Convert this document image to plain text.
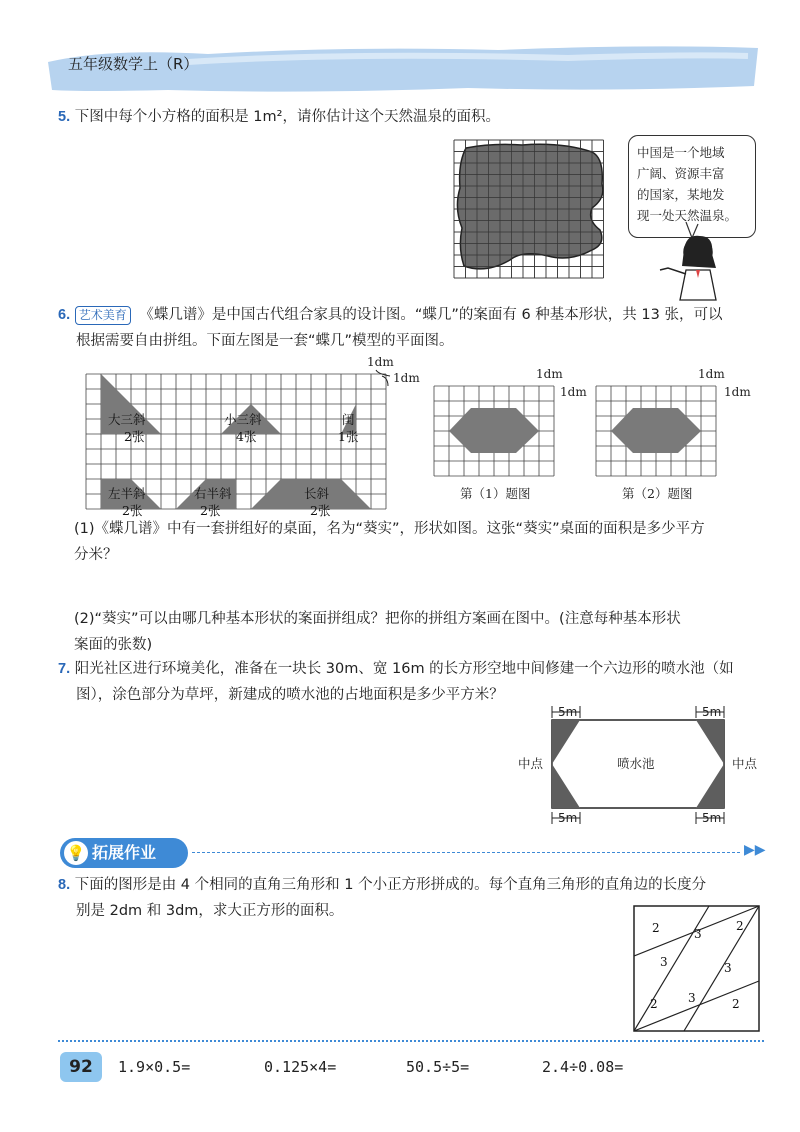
五年级数学上（R）
5. 下图中每个小方格的面积是 1m²，请你估计这个天然温泉的面积。
中国是一个地域
广阔、资源丰富
的国家，某地发
现一处天然温泉。
6. 艺术美育 《蝶几谱》是中国古代组合家具的设计图。“蝶几”的案面有 6 种基本形状，共 13 张，可以
根据需要自由拼组。下面左图是一套“蝶几”模型的平面图。
1dm
1dm
大三斜
2张
小三斜
4张
闺
1张
左半斜
2张
右半斜
2张
长斜
2张
1dm
1dm
1dm
1dm
第（1）题图	第（2）题图
(1)《蝶几谱》中有一套拼组好的桌面，名为“葵实”，形状如图。这张“葵实”桌面的面积是多少平方
分米？
(2)“葵实”可以由哪几种基本形状的案面拼组成？把你的拼组方案画在图中。(注意每种基本形状
案面的张数)
7. 阳光社区进行环境美化，准备在一块长 30m、宽 16m 的长方形空地中间修建一个六边形的喷水池（如
图），涂色部分为草坪，新建成的喷水池的占地面积是多少平方米？
5m	5m
喷水池
中点	中点
5m	5m
💡 拓展作业	▶▶
8. 下面的图形是由 4 个相同的直角三角形和 1 个小正方形拼成的。每个直角三角形的直角边的长度分
别是 2dm 和 3dm，求大正方形的面积。
2	2
3
3	3
3
2	2
92	1.9×0.5=	0.125×4=	50.5÷5=	2.4÷0.08=
